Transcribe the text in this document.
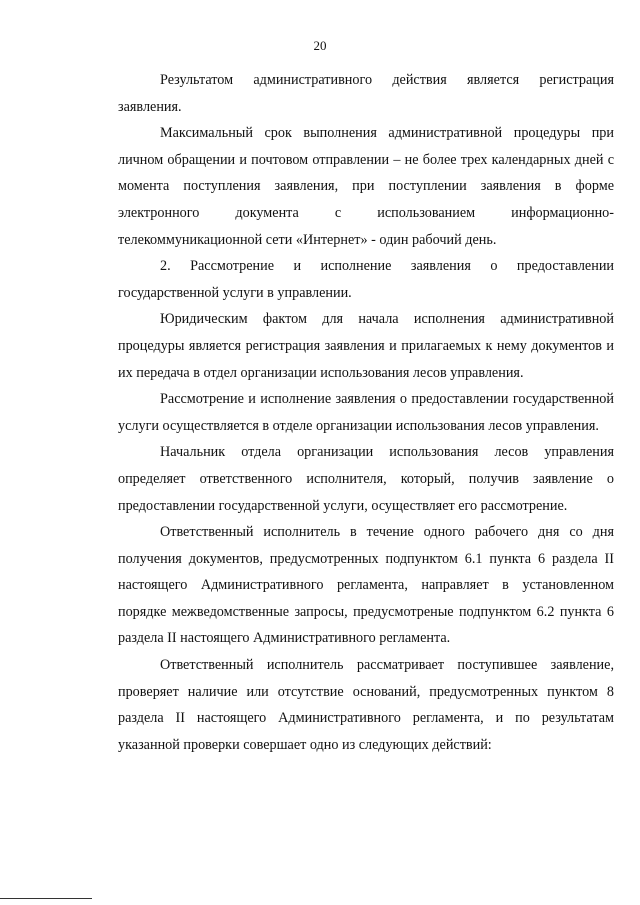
20

Результатом административного действия является регистрация заявления.

Максимальный срок выполнения административной процедуры при личном обращении и почтовом отправлении – не более трех календарных дней с момента поступления заявления, при поступлении заявления в форме электронного документа с использованием информационно-телекоммуникационной сети «Интернет» - один рабочий день.

2. Рассмотрение и исполнение заявления о предоставлении государственной услуги в управлении.

Юридическим фактом для начала исполнения административной процедуры является регистрация заявления и прилагаемых к нему документов и их передача в отдел организации использования лесов управления.

Рассмотрение и исполнение заявления о предоставлении государственной услуги осуществляется в отделе организации использования лесов управления.

Начальник отдела организации использования лесов управления определяет ответственного исполнителя, который, получив заявление о предоставлении государственной услуги, осуществляет его рассмотрение.

Ответственный исполнитель в течение одного рабочего дня со дня получения документов, предусмотренных подпунктом 6.1 пункта 6 раздела II настоящего Административного регламента, направляет в установленном порядке межведомственные запросы, предусмотреные подпунктом 6.2 пункта 6 раздела II настоящего Административного регламента.

Ответственный исполнитель рассматривает поступившее заявление, проверяет наличие или отсутствие оснований, предусмотренных пунктом 8 раздела II настоящего Административного регламента, и по результатам указанной проверки совершает одно из следующих действий:
